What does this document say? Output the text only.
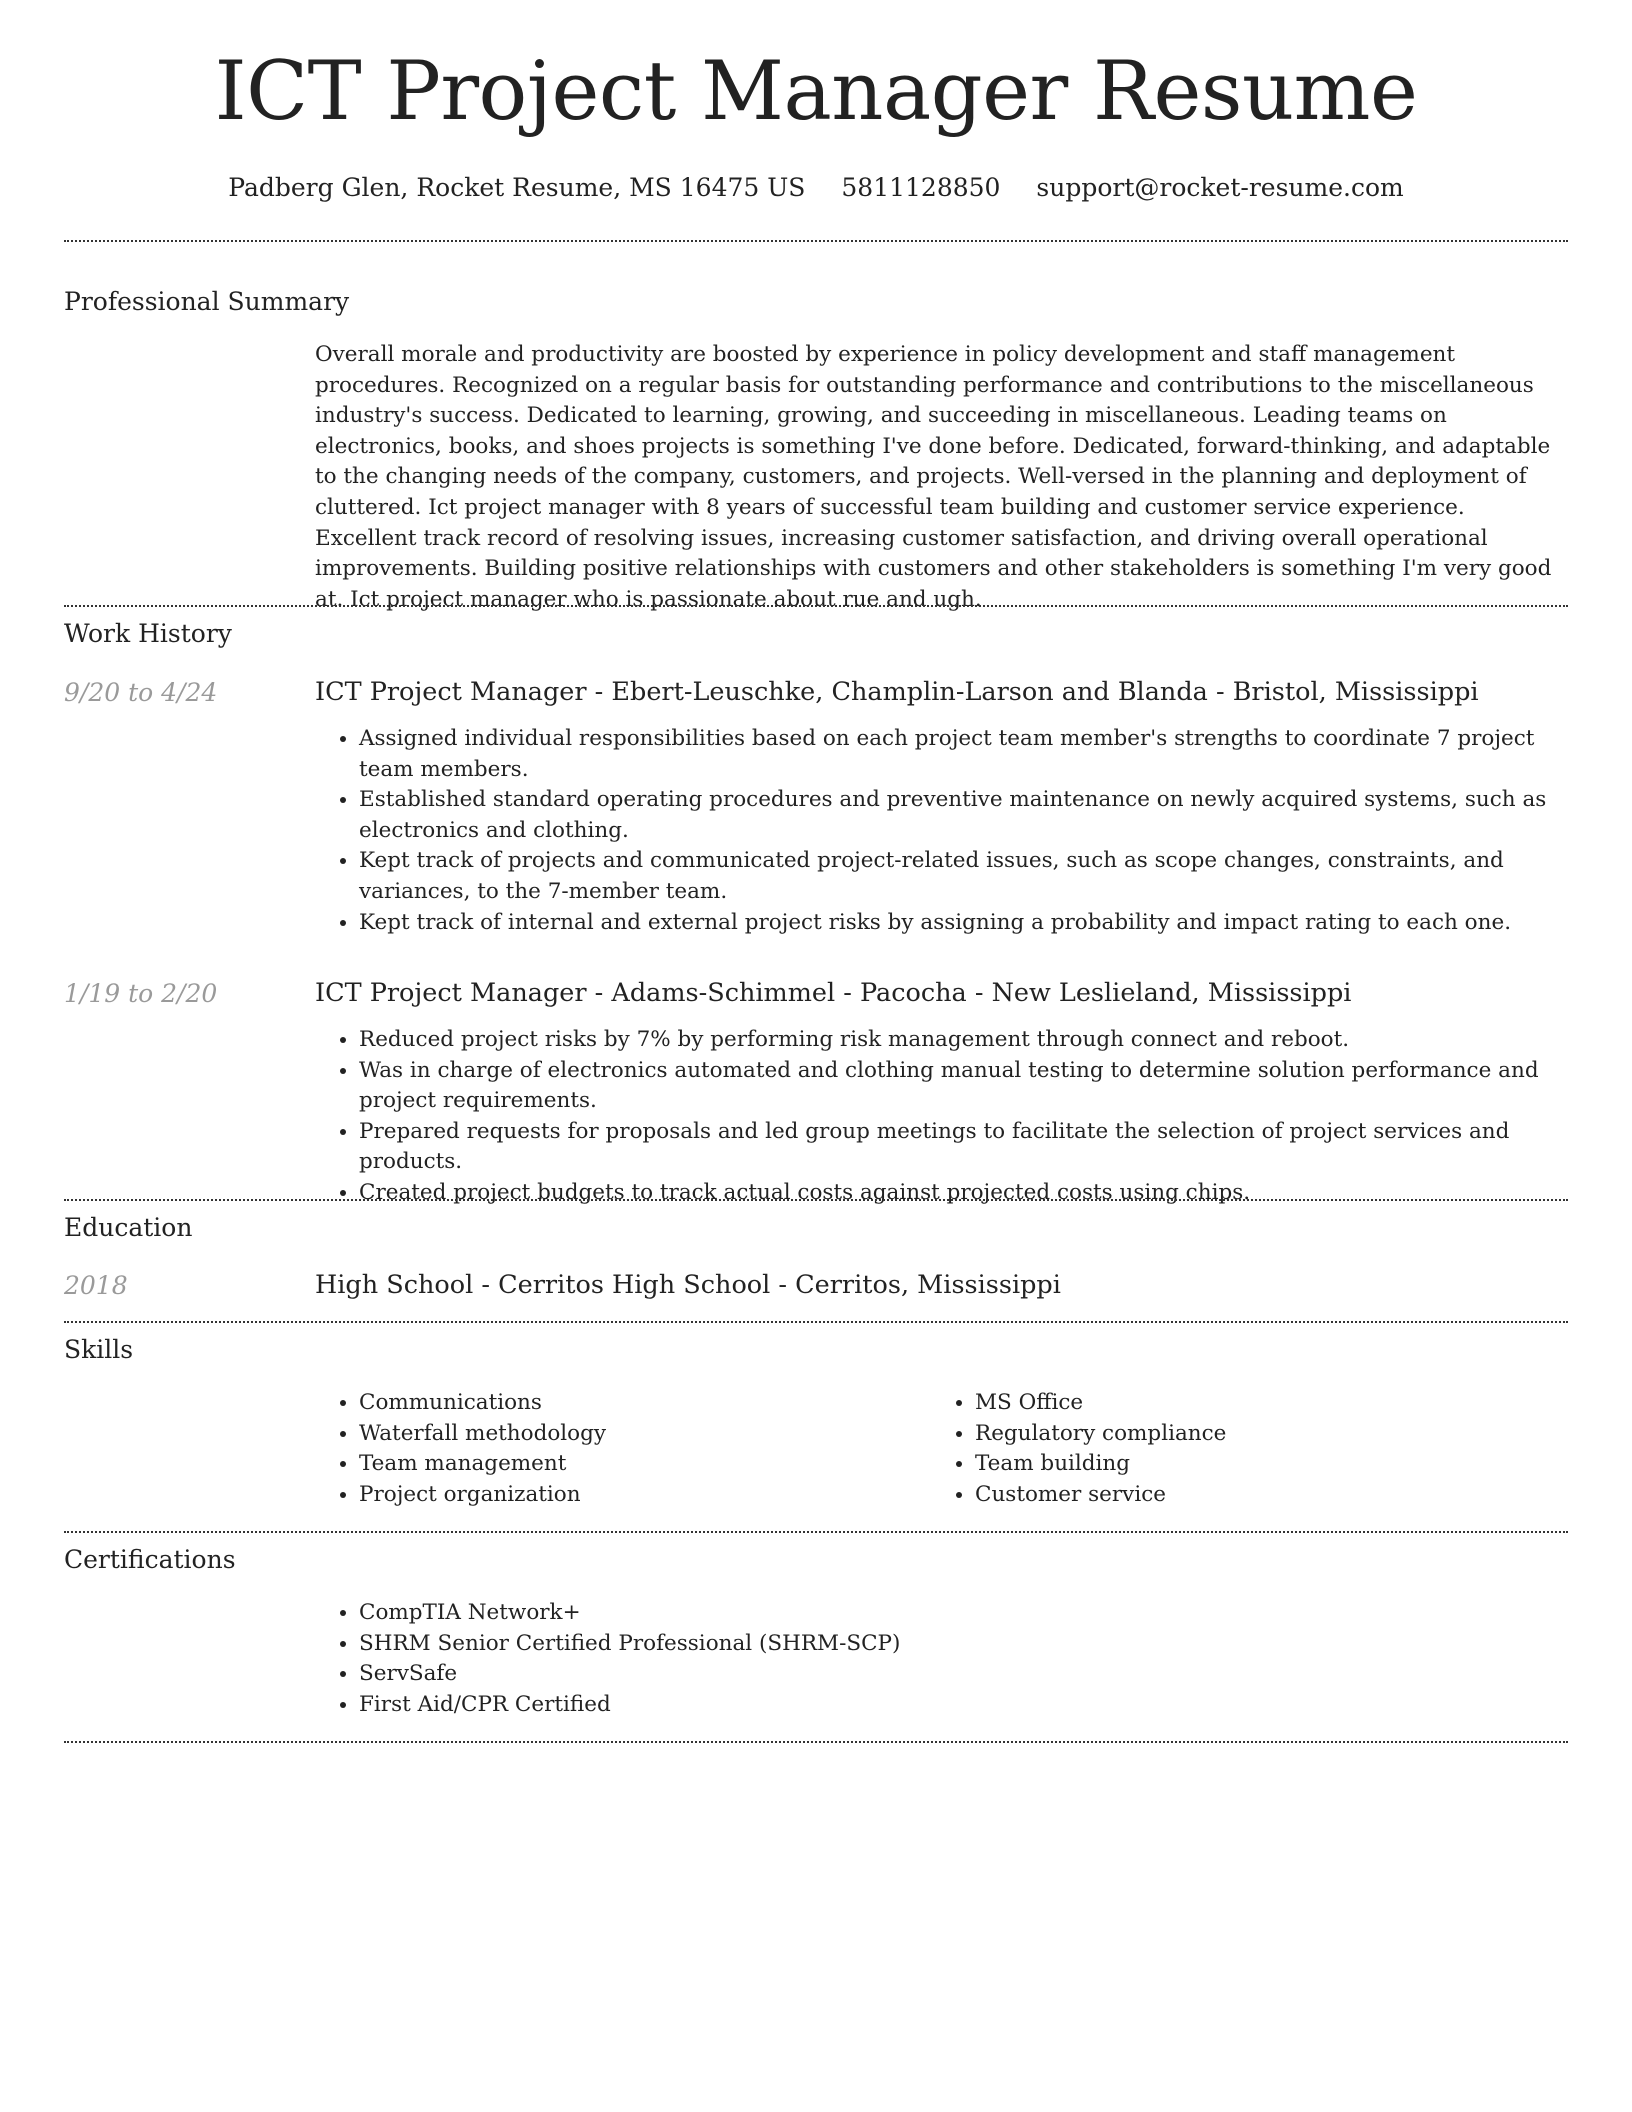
ICT Project Manager Resume
Padberg Glen, Rocket Resume, MS 16475 US 5811128850 support@rocket-resume.com
Professional Summary
Overall morale and productivity are boosted by experience in policy development and staff management procedures. Recognized on a regular basis for outstanding performance and contributions to the miscellaneous industry's success. Dedicated to learning, growing, and succeeding in miscellaneous. Leading teams on electronics, books, and shoes projects is something I've done before. Dedicated, forward-thinking, and adaptable to the changing needs of the company, customers, and projects. Well-versed in the planning and deployment of cluttered. Ict project manager with 8 years of successful team building and customer service experience. Excellent track record of resolving issues, increasing customer satisfaction, and driving overall operational improvements. Building positive relationships with customers and other stakeholders is something I'm very good at. Ict project manager who is passionate about rue and ugh.
Work History
9/20 to 4/24	ICT Project Manager - Ebert-Leuschke, Champlin-Larson and Blanda - Bristol, Mississippi
• Assigned individual responsibilities based on each project team member's strengths to coordinate 7 project team members.
• Established standard operating procedures and preventive maintenance on newly acquired systems, such as electronics and clothing.
• Kept track of projects and communicated project-related issues, such as scope changes, constraints, and variances, to the 7-member team.
• Kept track of internal and external project risks by assigning a probability and impact rating to each one.
1/19 to 2/20	ICT Project Manager - Adams-Schimmel - Pacocha - New Leslieland, Mississippi
• Reduced project risks by 7% by performing risk management through connect and reboot.
• Was in charge of electronics automated and clothing manual testing to determine solution performance and project requirements.
• Prepared requests for proposals and led group meetings to facilitate the selection of project services and products.
• Created project budgets to track actual costs against projected costs using chips.
Education
2018	High School - Cerritos High School - Cerritos, Mississippi
Skills
• Communications
• Waterfall methodology
• Team management
• Project organization
• MS Office
• Regulatory compliance
• Team building
• Customer service
Certifications
• CompTIA Network+
• SHRM Senior Certified Professional (SHRM-SCP)
• ServSafe
• First Aid/CPR Certified
